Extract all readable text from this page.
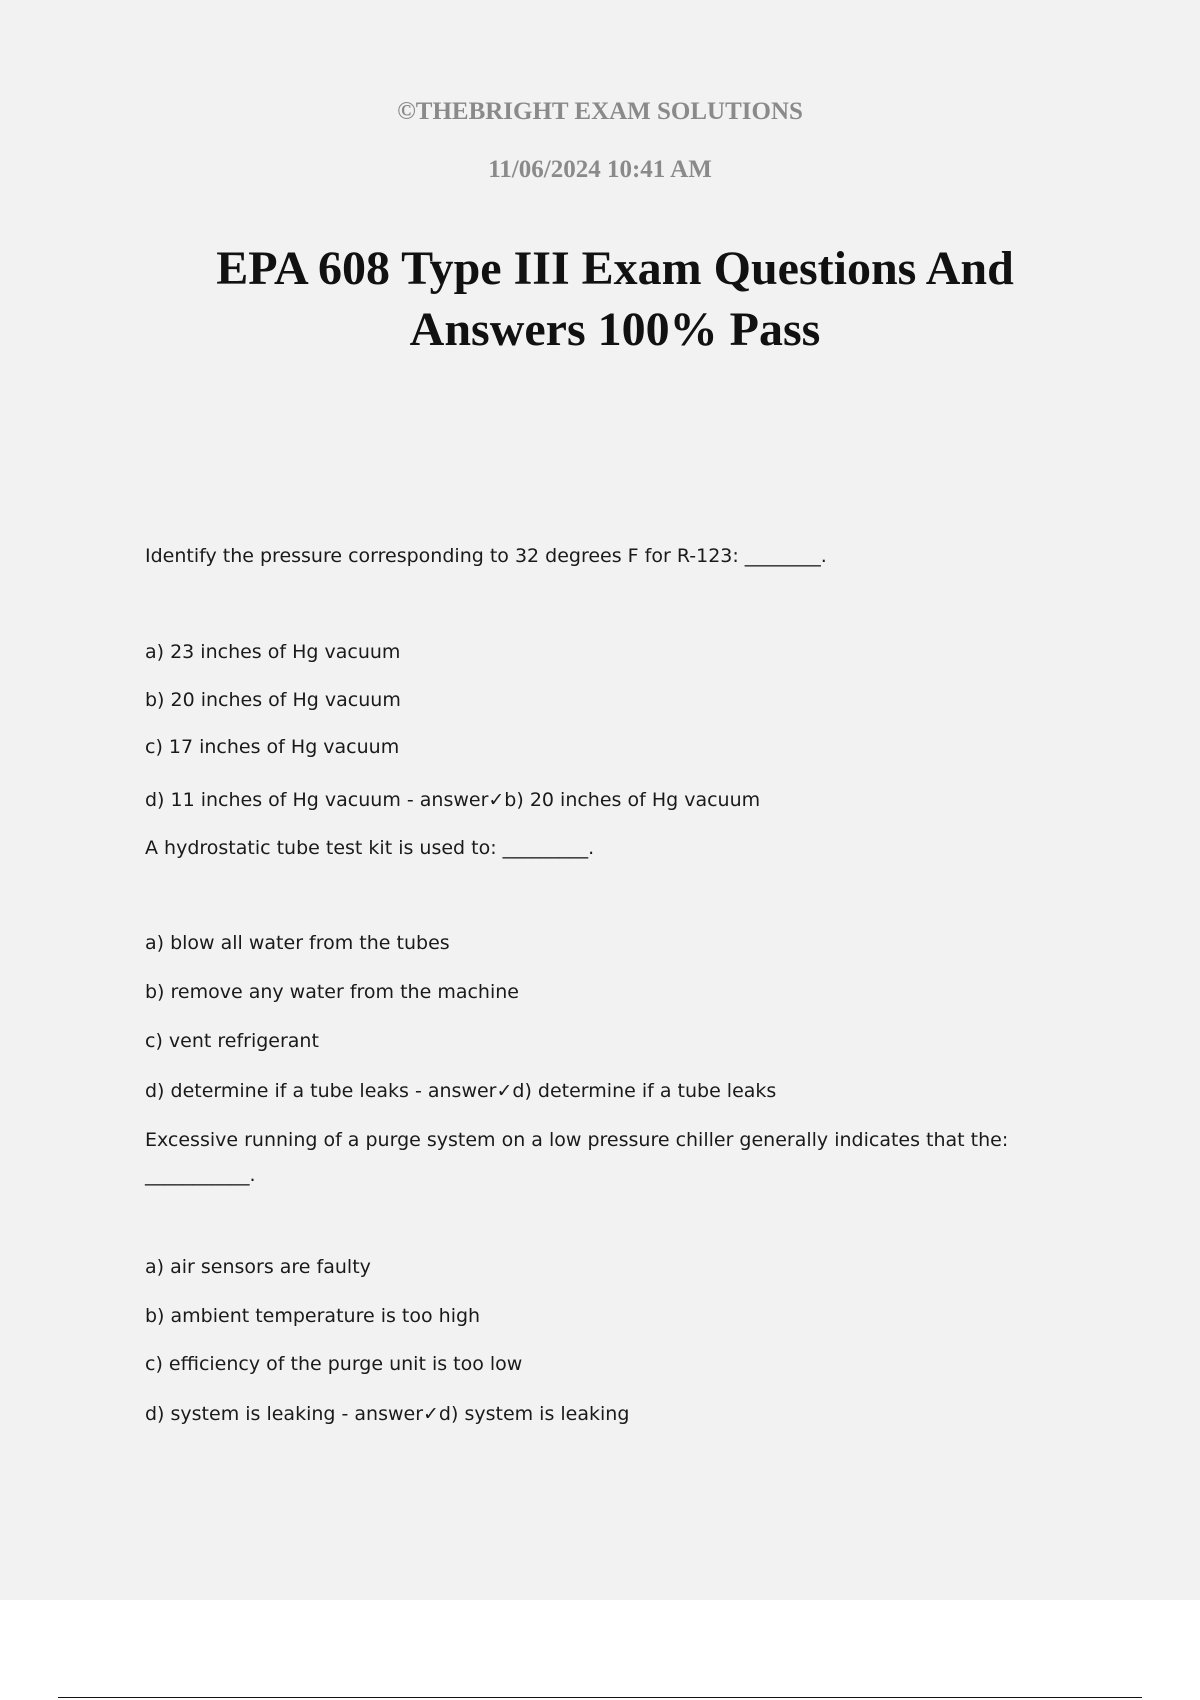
©THEBRIGHT EXAM SOLUTIONS
11/06/2024 10:41 AM
EPA 608 Type III Exam Questions And
Answers 100% Pass
Identify the pressure corresponding to 32 degrees F for R-123: ________.
a) 23 inches of Hg vacuum
b) 20 inches of Hg vacuum
c) 17 inches of Hg vacuum
d) 11 inches of Hg vacuum - answer✓b) 20 inches of Hg vacuum
A hydrostatic tube test kit is used to: _________.
a) blow all water from the tubes
b) remove any water from the machine
c) vent refrigerant
d) determine if a tube leaks - answer✓d) determine if a tube leaks
Excessive running of a purge system on a low pressure chiller generally indicates that the:
___________.
a) air sensors are faulty
b) ambient temperature is too high
c) efficiency of the purge unit is too low
d) system is leaking - answer✓d) system is leaking
